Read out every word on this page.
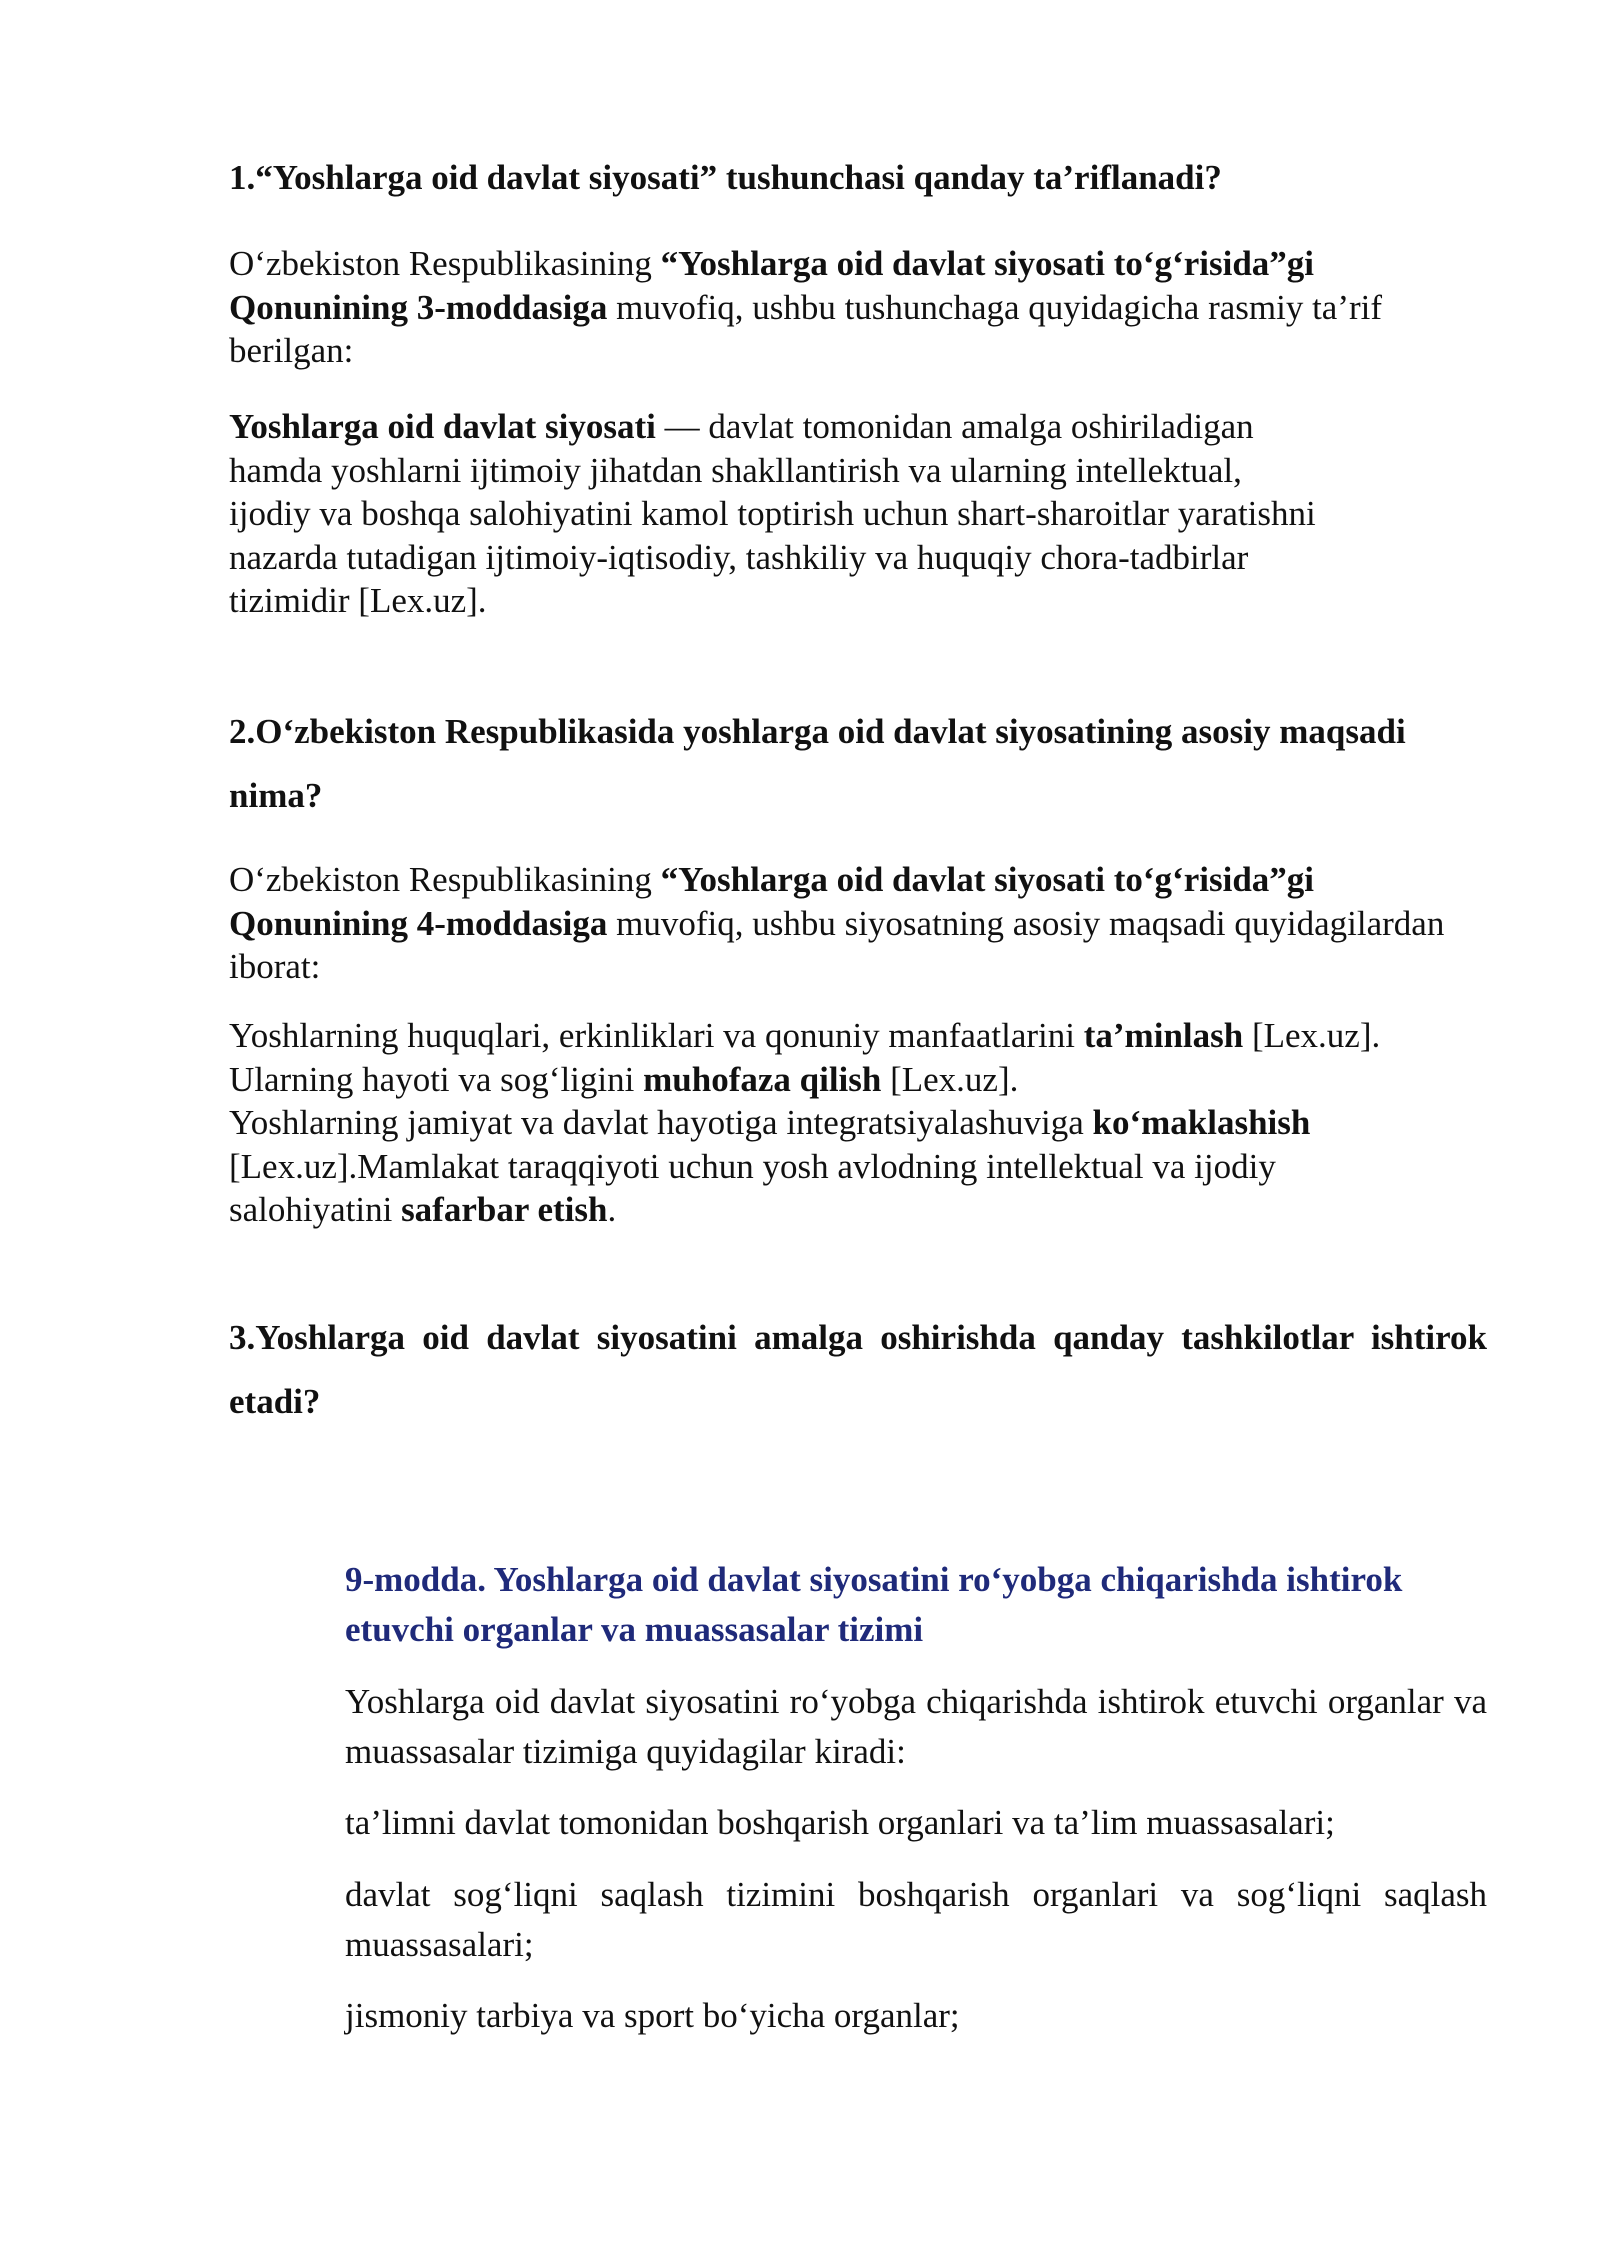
1.“Yoshlarga oid davlat siyosati” tushunchasi qanday ta’riflanadi?

O‘zbekiston Respublikasining “Yoshlarga oid davlat siyosati to‘g‘risida”gi Qonunining 3-moddasiga muvofiq, ushbu tushunchaga quyidagicha rasmiy ta’rif berilgan:

Yoshlarga oid davlat siyosati — davlat tomonidan amalga oshiriladigan
hamda yoshlarni ijtimoiy jihatdan shakllantirish va ularning intellektual,
ijodiy va boshqa salohiyatini kamol toptirish uchun shart-sharoitlar yaratishni
nazarda tutadigan ijtimoiy-iqtisodiy, tashkiliy va huquqiy chora-tadbirlar
tizimidir [Lex.uz].

2.O‘zbekiston Respublikasida yoshlarga oid davlat siyosatining asosiy maqsadi nima?

O‘zbekiston Respublikasining “Yoshlarga oid davlat siyosati to‘g‘risida”gi Qonunining 4-moddasiga muvofiq, ushbu siyosatning asosiy maqsadi quyidagilardan iborat:

Yoshlarning huquqlari, erkinliklari va qonuniy manfaatlarini ta’minlash [Lex.uz].
Ularning hayoti va sog‘ligini muhofaza qilish [Lex.uz].
Yoshlarning jamiyat va davlat hayotiga integratsiyalashuviga ko‘maklashish
[Lex.uz].Mamlakat taraqqiyoti uchun yosh avlodning intellektual va ijodiy
salohiyatini safarbar etish.

3.Yoshlarga oid davlat siyosatini amalga oshirishda qanday tashkilotlar ishtirok etadi?

9-modda. Yoshlarga oid davlat siyosatini ro‘yobga chiqarishda ishtirok etuvchi organlar va muassasalar tizimi

Yoshlarga oid davlat siyosatini ro‘yobga chiqarishda ishtirok etuvchi organlar va muassasalar tizimiga quyidagilar kiradi:

ta’limni davlat tomonidan boshqarish organlari va ta’lim muassasalari;

davlat sog‘liqni saqlash tizimini boshqarish organlari va sog‘liqni saqlash muassasalari;

jismoniy tarbiya va sport bo‘yicha organlar;
